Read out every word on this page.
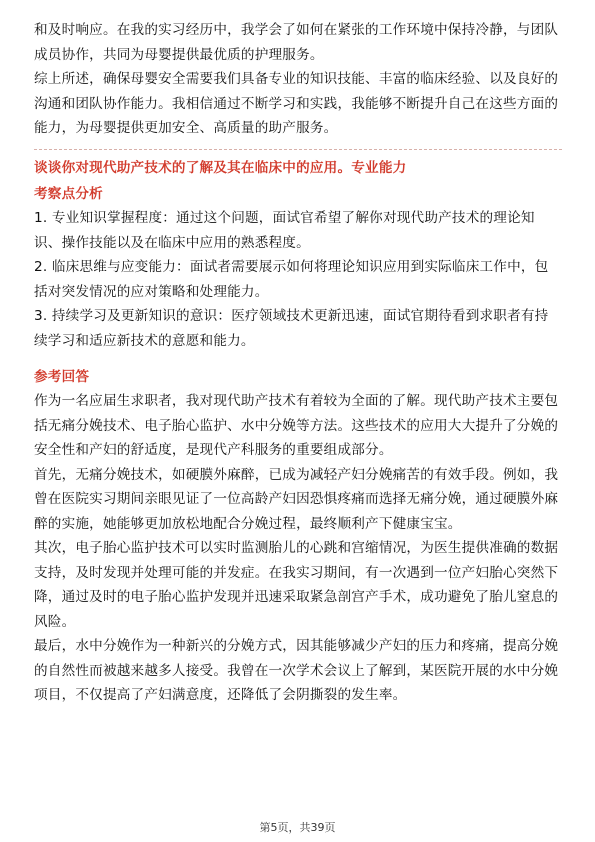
和及时响应。在我的实习经历中，我学会了如何在紧张的工作环境中保持冷静，与团队成员协作，共同为母婴提供最优质的护理服务。

综上所述，确保母婴安全需要我们具备专业的知识技能、丰富的临床经验、以及良好的沟通和团队协作能力。我相信通过不断学习和实践，我能够不断提升自己在这些方面的能力，为母婴提供更加安全、高质量的助产服务。

谈谈你对现代助产技术的了解及其在临床中的应用。专业能力
考察点分析

1. 专业知识掌握程度：通过这个问题，面试官希望了解你对现代助产技术的理论知识、操作技能以及在临床中应用的熟悉程度。

2. 临床思维与应变能力：面试者需要展示如何将理论知识应用到实际临床工作中，包括对突发情况的应对策略和处理能力。

3. 持续学习及更新知识的意识：医疗领域技术更新迅速，面试官期待看到求职者有持续学习和适应新技术的意愿和能力。

参考回答

作为一名应届生求职者，我对现代助产技术有着较为全面的了解。现代助产技术主要包括无痛分娩技术、电子胎心监护、水中分娩等方法。这些技术的应用大大提升了分娩的安全性和产妇的舒适度，是现代产科服务的重要组成部分。

首先，无痛分娩技术，如硬膜外麻醉，已成为减轻产妇分娩痛苦的有效手段。例如，我曾在医院实习期间亲眼见证了一位高龄产妇因恐惧疼痛而选择无痛分娩，通过硬膜外麻醉的实施，她能够更加放松地配合分娩过程，最终顺利产下健康宝宝。

其次，电子胎心监护技术可以实时监测胎儿的心跳和宫缩情况，为医生提供准确的数据支持，及时发现并处理可能的并发症。在我实习期间，有一次遇到一位产妇胎心突然下降，通过及时的电子胎心监护发现并迅速采取紧急剖宫产手术，成功避免了胎儿窒息的风险。

最后，水中分娩作为一种新兴的分娩方式，因其能够减少产妇的压力和疼痛，提高分娩的自然性而被越来越多人接受。我曾在一次学术会议上了解到，某医院开展的水中分娩项目，不仅提高了产妇满意度，还降低了会阴撕裂的发生率。

第5页，共39页
